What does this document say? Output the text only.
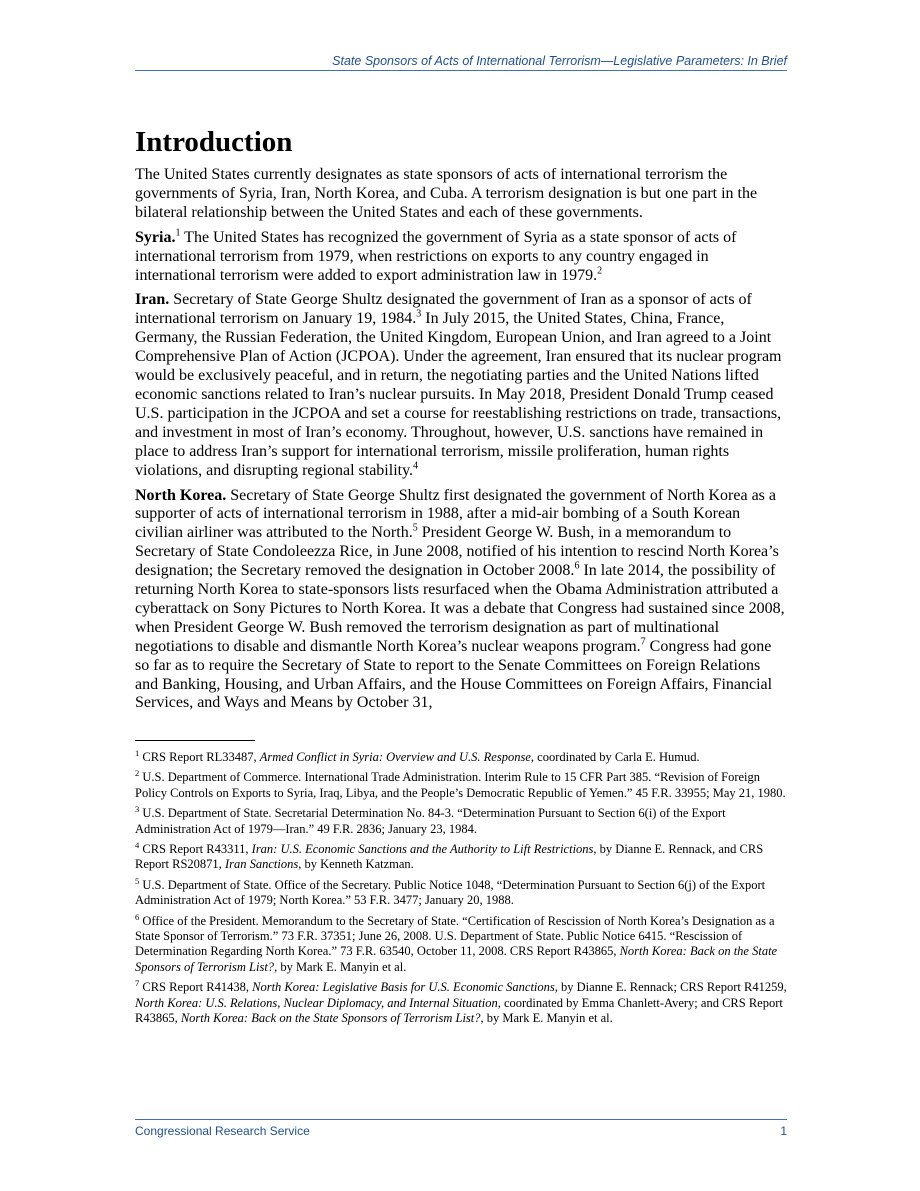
State Sponsors of Acts of International Terrorism—Legislative Parameters: In Brief
Introduction

The United States currently designates as state sponsors of acts of international terrorism the governments of Syria, Iran, North Korea, and Cuba. A terrorism designation is but one part in the bilateral relationship between the United States and each of these governments.

Syria.$^1$ The United States has recognized the government of Syria as a state sponsor of acts of international terrorism from 1979, when restrictions on exports to any country engaged in international terrorism were added to export administration law in 1979.$^2$

Iran. Secretary of State George Shultz designated the government of Iran as a sponsor of acts of international terrorism on January 19, 1984.$^3$ In July 2015, the United States, China, France, Germany, the Russian Federation, the United Kingdom, European Union, and Iran agreed to a Joint Comprehensive Plan of Action (JCPOA). Under the agreement, Iran ensured that its nuclear program would be exclusively peaceful, and in return, the negotiating parties and the United Nations lifted economic sanctions related to Iran’s nuclear pursuits. In May 2018, President Donald Trump ceased U.S. participation in the JCPOA and set a course for reestablishing restrictions on trade, transactions, and investment in most of Iran’s economy. Throughout, however, U.S. sanctions have remained in place to address Iran’s support for international terrorism, missile proliferation, human rights violations, and disrupting regional stability.$^4$

North Korea. Secretary of State George Shultz first designated the government of North Korea as a supporter of acts of international terrorism in 1988, after a mid-air bombing of a South Korean civilian airliner was attributed to the North.$^5$ President George W. Bush, in a memorandum to Secretary of State Condoleezza Rice, in June 2008, notified of his intention to rescind North Korea’s designation; the Secretary removed the designation in October 2008.$^6$ In late 2014, the possibility of returning North Korea to state-sponsors lists resurfaced when the Obama Administration attributed a cyberattack on Sony Pictures to North Korea. It was a debate that Congress had sustained since 2008, when President George W. Bush removed the terrorism designation as part of multinational negotiations to disable and dismantle North Korea’s nuclear weapons program.$^7$ Congress had gone so far as to require the Secretary of State to report to the Senate Committees on Foreign Relations and Banking, Housing, and Urban Affairs, and the House Committees on Foreign Affairs, Financial Services, and Ways and Means by October 31,

$^1$ CRS Report RL33487, Armed Conflict in Syria: Overview and U.S. Response, coordinated by Carla E. Humud.

$^2$ U.S. Department of Commerce. International Trade Administration. Interim Rule to 15 CFR Part 385. “Revision of Foreign Policy Controls on Exports to Syria, Iraq, Libya, and the People’s Democratic Republic of Yemen.” 45 F.R. 33955; May 21, 1980.

$^3$ U.S. Department of State. Secretarial Determination No. 84-3. “Determination Pursuant to Section 6(i) of the Export Administration Act of 1979—Iran.” 49 F.R. 2836; January 23, 1984.

$^4$ CRS Report R43311, Iran: U.S. Economic Sanctions and the Authority to Lift Restrictions, by Dianne E. Rennack, and CRS Report RS20871, Iran Sanctions, by Kenneth Katzman.

$^5$ U.S. Department of State. Office of the Secretary. Public Notice 1048, “Determination Pursuant to Section 6(j) of the Export Administration Act of 1979; North Korea.” 53 F.R. 3477; January 20, 1988.

$^6$ Office of the President. Memorandum to the Secretary of State. “Certification of Rescission of North Korea’s Designation as a State Sponsor of Terrorism.” 73 F.R. 37351; June 26, 2008. U.S. Department of State. Public Notice 6415. “Rescission of Determination Regarding North Korea.” 73 F.R. 63540, October 11, 2008. CRS Report R43865, North Korea: Back on the State Sponsors of Terrorism List?, by Mark E. Manyin et al.

$^7$ CRS Report R41438, North Korea: Legislative Basis for U.S. Economic Sanctions, by Dianne E. Rennack; CRS Report R41259, North Korea: U.S. Relations, Nuclear Diplomacy, and Internal Situation, coordinated by Emma Chanlett-Avery; and CRS Report R43865, North Korea: Back on the State Sponsors of Terrorism List?, by Mark E. Manyin et al.

Congressional Research Service	1
